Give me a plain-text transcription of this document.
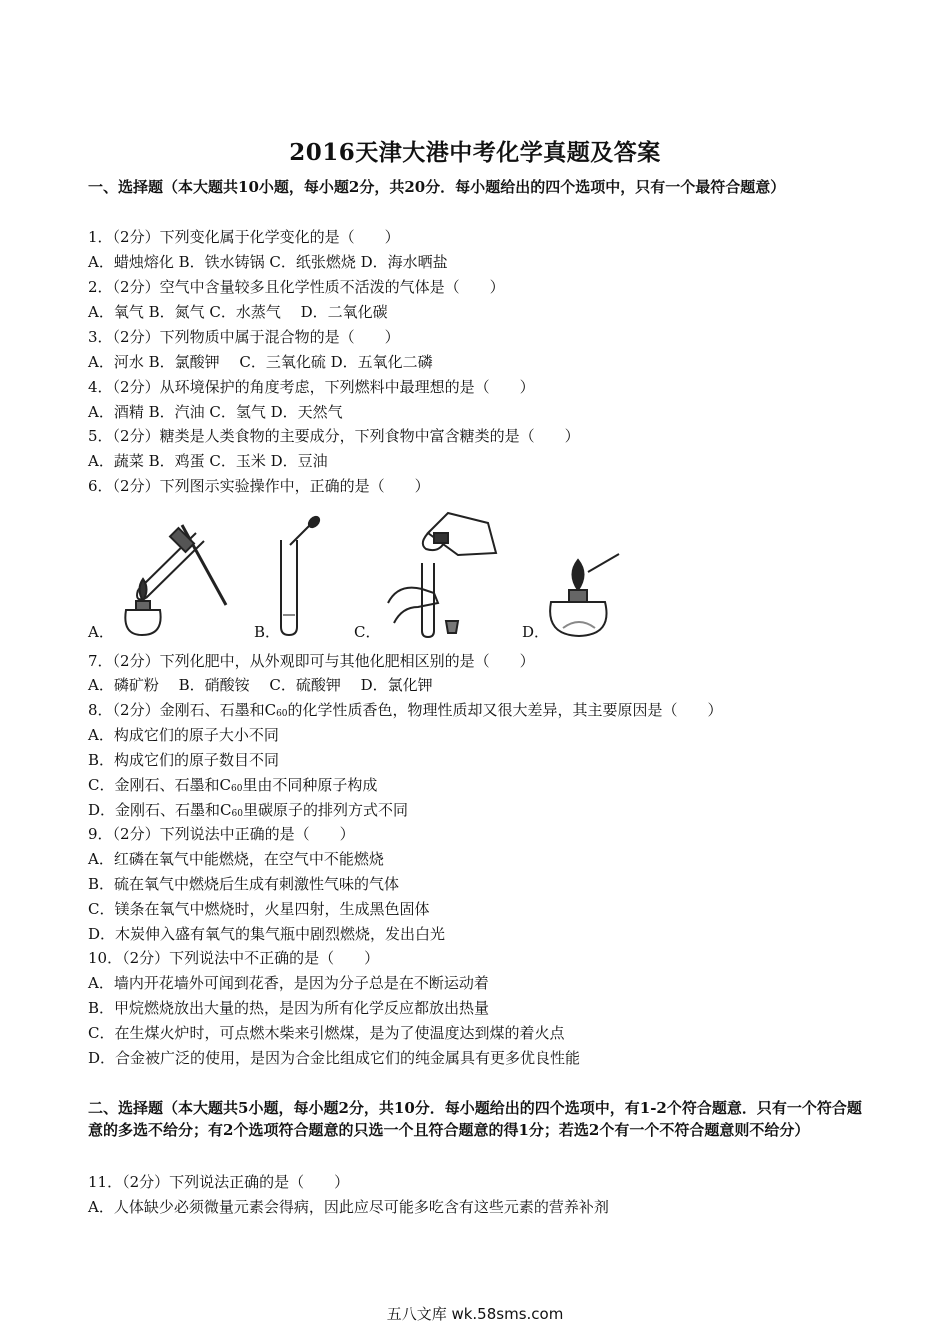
2016天津大港中考化学真题及答案
一、选择题（本大题共10小题，每小题2分，共20分．每小题给出的四个选项中，只有一个最符合题意）
1．（2分）下列变化属于化学变化的是（　　）
A．蜡烛熔化 B．铁水铸锅 C．纸张燃烧 D．海水晒盐
2．（2分）空气中含量较多且化学性质不活泼的气体是（　　）
A．氧气 B．氮气 C．水蒸气　 D．二氧化碳
3．（2分）下列物质中属于混合物的是（　　）
A．河水 B．氯酸钾　 C．三氧化硫 D．五氧化二磷
4．（2分）从环境保护的角度考虑，下列燃料中最理想的是（　　）
A．酒精 B．汽油 C．氢气 D．天然气
5．（2分）糖类是人类食物的主要成分，下列食物中富含糖类的是（　　）
A．蔬菜 B．鸡蛋 C．玉米 D．豆油
6．（2分）下列图示实验操作中，正确的是（　　）
A．	B．	C．	D．
7．（2分）下列化肥中，从外观即可与其他化肥相区别的是（　　）
A．磷矿粉　 B．硝酸铵　 C．硫酸钾　 D．氯化钾
8．（2分）金刚石、石墨和$C_{60}$的化学性质香色，物理性质却又很大差异，其主要原因是（　　）
A．构成它们的原子大小不同
B．构成它们的原子数目不同
C．金刚石、石墨和$C_{60}$里由不同种原子构成
D．金刚石、石墨和$C_{60}$里碳原子的排列方式不同
9．（2分）下列说法中正确的是（　　）
A．红磷在氧气中能燃烧，在空气中不能燃烧
B．硫在氧气中燃烧后生成有刺激性气味的气体
C．镁条在氧气中燃烧时，火星四射，生成黑色固体
D．木炭伸入盛有氧气的集气瓶中剧烈燃烧，发出白光
10．（2分）下列说法中不正确的是（　　）
A．墙内开花墙外可闻到花香，是因为分子总是在不断运动着
B．甲烷燃烧放出大量的热，是因为所有化学反应都放出热量
C．在生煤火炉时，可点燃木柴来引燃煤，是为了使温度达到煤的着火点
D．合金被广泛的使用，是因为合金比组成它们的纯金属具有更多优良性能
二、选择题（本大题共5小题，每小题2分，共10分．每小题给出的四个选项中，有1-2个符合题意．只有一个符合题意的多选不给分；有2个选项符合题意的只选一个且符合题意的得1分；若选2个有一个不符合题意则不给分）
11．（2分）下列说法正确的是（　　）
A．人体缺少必须微量元素会得病，因此应尽可能多吃含有这些元素的营养补剂
五八文库 wk.58sms.com
